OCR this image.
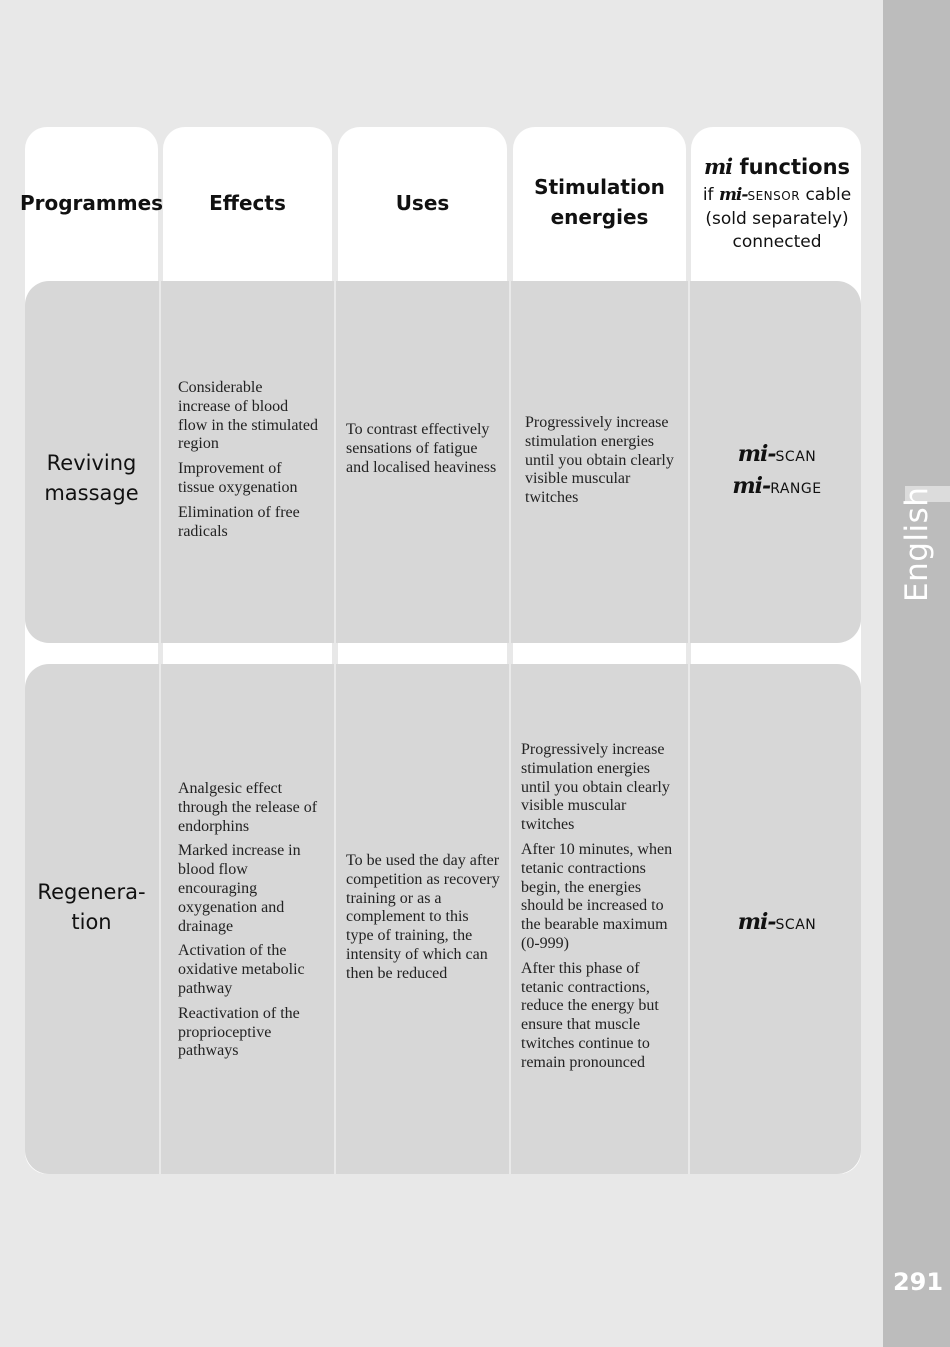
English
291
Programmes	Effects	Uses
Stimulation
energies
mi functions
if mi-SENSOR cable
(sold separately)
connected
Reviving
massage

Considerable increase of blood flow in the stimulated region

Improvement of tissue oxygenation

Elimination of free radicals

To contrast effectively sensations of fatigue and localised heaviness

Progressively increase stimulation energies until you obtain clearly visible muscular twitches

mi-SCAN
mi-RANGE
Regenera-
tion

Analgesic effect through the release of endorphins

Marked increase in blood flow encouraging oxygenation and drainage

Activation of the oxidative metabolic pathway

Reactivation of the proprioceptive pathways

To be used the day after competition as recovery training or as a complement to this type of training, the intensity of which can then be reduced

Progressively increase stimulation energies until you obtain clearly visible muscular twitches

After 10 minutes, when tetanic contractions begin, the energies should be increased to the bearable maximum (0-999)

After this phase of tetanic contractions, reduce the energy but ensure that muscle twitches continue to remain pronounced

mi-SCAN
